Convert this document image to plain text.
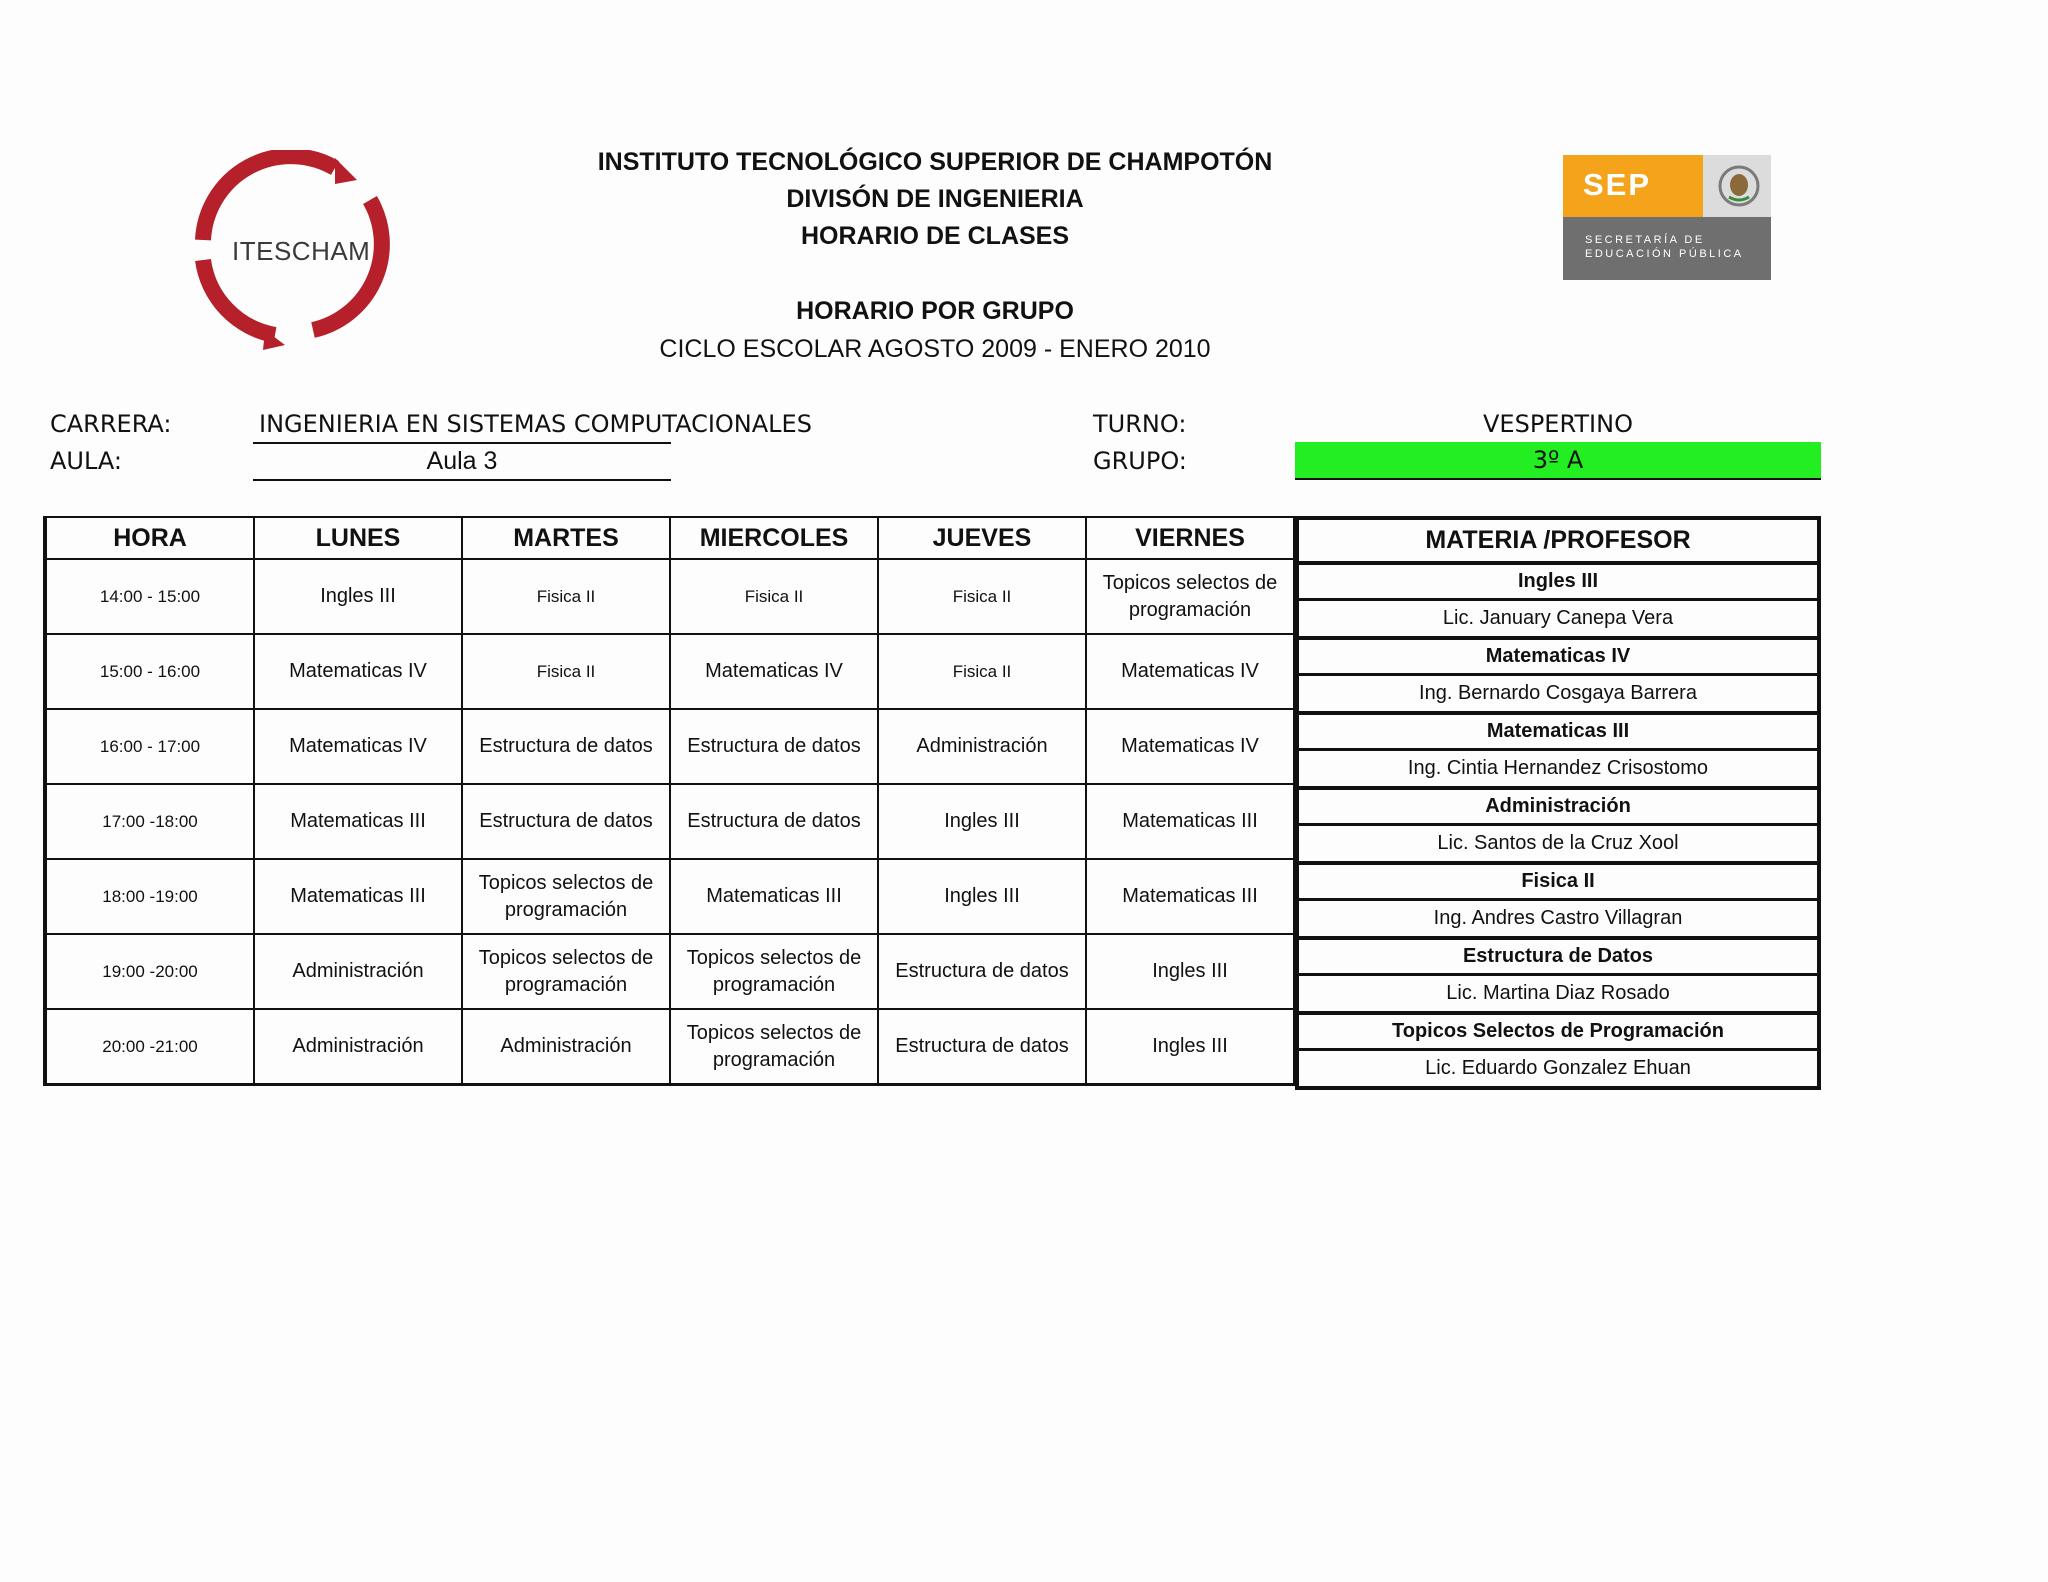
ITESCHAM
INSTITUTO TECNOLÓGICO SUPERIOR DE CHAMPOTÓN
DIVISÓN DE INGENIERIA
HORARIO DE CLASES
HORARIO POR GRUPO
CICLO ESCOLAR AGOSTO 2009 - ENERO 2010
SEP
SECRETARÍA DE
EDUCACIÓN PÚBLICA
CARRERA:	INGENIERIA EN SISTEMAS COMPUTACIONALES
AULA:	Aula 3
TURNO:	VESPERTINO
GRUPO:	3º A
HORA	LUNES	MARTES	MIERCOLES	JUEVES	VIERNES
14:00 - 15:00	Ingles III	Fisica II	Fisica II	Fisica II	Topicos selectos de programación
15:00 - 16:00	Matematicas IV	Fisica II	Matematicas IV	Fisica II	Matematicas IV
16:00 - 17:00	Matematicas IV	Estructura de datos	Estructura de datos	Administración	Matematicas IV
17:00 -18:00	Matematicas III	Estructura de datos	Estructura de datos	Ingles III	Matematicas III
18:00 -19:00	Matematicas III	Topicos selectos de programación	Matematicas III	Ingles III	Matematicas III
19:00 -20:00	Administración	Topicos selectos de programación	Topicos selectos de programación	Estructura de datos	Ingles III
20:00 -21:00	Administración	Administración	Topicos selectos de programación	Estructura de datos	Ingles III
MATERIA /PROFESOR
Ingles III
Lic. January Canepa Vera
Matematicas IV
Ing. Bernardo Cosgaya Barrera
Matematicas III
Ing. Cintia Hernandez Crisostomo
Administración
Lic. Santos de la Cruz Xool
Fisica II
Ing. Andres Castro Villagran
Estructura de Datos
Lic. Martina Diaz Rosado
Topicos Selectos de Programación
Lic. Eduardo Gonzalez Ehuan
